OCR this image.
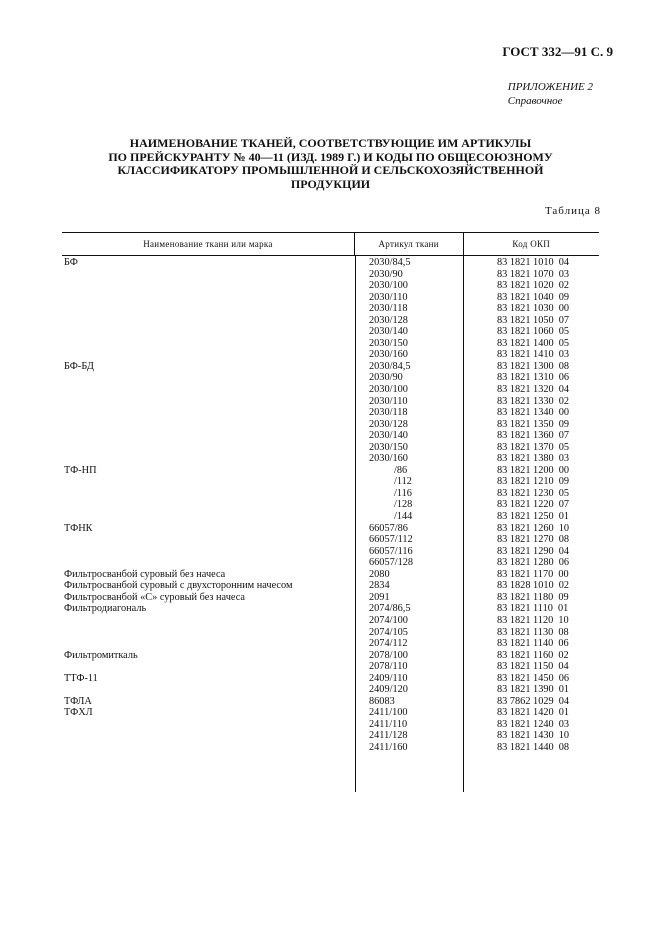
ГОСТ 332—91 С. 9
ПРИЛОЖЕНИЕ 2
Справочное
НАИМЕНОВАНИЕ ТКАНЕЙ, СООТВЕТСТВУЮЩИЕ ИМ АРТИКУЛЫ
ПО ПРЕЙСКУРАНТУ № 40—11 (ИЗД. 1989 Г.) И КОДЫ ПО ОБЩЕСОЮЗНОМУ
КЛАССИФИКАТОРУ ПРОМЫШЛЕННОЙ И СЕЛЬСКОХОЗЯЙСТВЕННОЙ
ПРОДУКЦИИ
Таблица 8
Наименование ткани или марка	Артикул ткани	Код ОКП
БФ
БФ-БД
ТФ-НП
ТФНК
Фильтросванбой суровый без начеса
Фильтросванбой суровый с двухсторонним начесом
Фильтросванбой «С» суровый без начеса
Фильтродиагональ
Фильтромиткаль
ТТФ-11
ТФЛА
ТФХЛ
2030/84,5
2030/90
2030/100
2030/110
2030/118
2030/128
2030/140
2030/150
2030/160
2030/84,5
2030/90
2030/100
2030/110
2030/118
2030/128
2030/140
2030/150
2030/160
/86
/112
/116
/128
/144
66057/86
66057/112
66057/116
66057/128
2080
2834
2091
2074/86,5
2074/100
2074/105
2074/112
2078/100
2078/110
2409/110
2409/120
86083
2411/100
2411/110
2411/128
2411/160
83 1821 1010  04
83 1821 1070  03
83 1821 1020  02
83 1821 1040  09
83 1821 1030  00
83 1821 1050  07
83 1821 1060  05
83 1821 1400  05
83 1821 1410  03
83 1821 1300  08
83 1821 1310  06
83 1821 1320  04
83 1821 1330  02
83 1821 1340  00
83 1821 1350  09
83 1821 1360  07
83 1821 1370  05
83 1821 1380  03
83 1821 1200  00
83 1821 1210  09
83 1821 1230  05
83 1821 1220  07
83 1821 1250  01
83 1821 1260  10
83 1821 1270  08
83 1821 1290  04
83 1821 1280  06
83 1821 1170  00
83 1828 1010  02
83 1821 1180  09
83 1821 1110  01
83 1821 1120  10
83 1821 1130  08
83 1821 1140  06
83 1821 1160  02
83 1821 1150  04
83 1821 1450  06
83 1821 1390  01
83 7862 1029  04
83 1821 1420  01
83 1821 1240  03
83 1821 1430  10
83 1821 1440  08
